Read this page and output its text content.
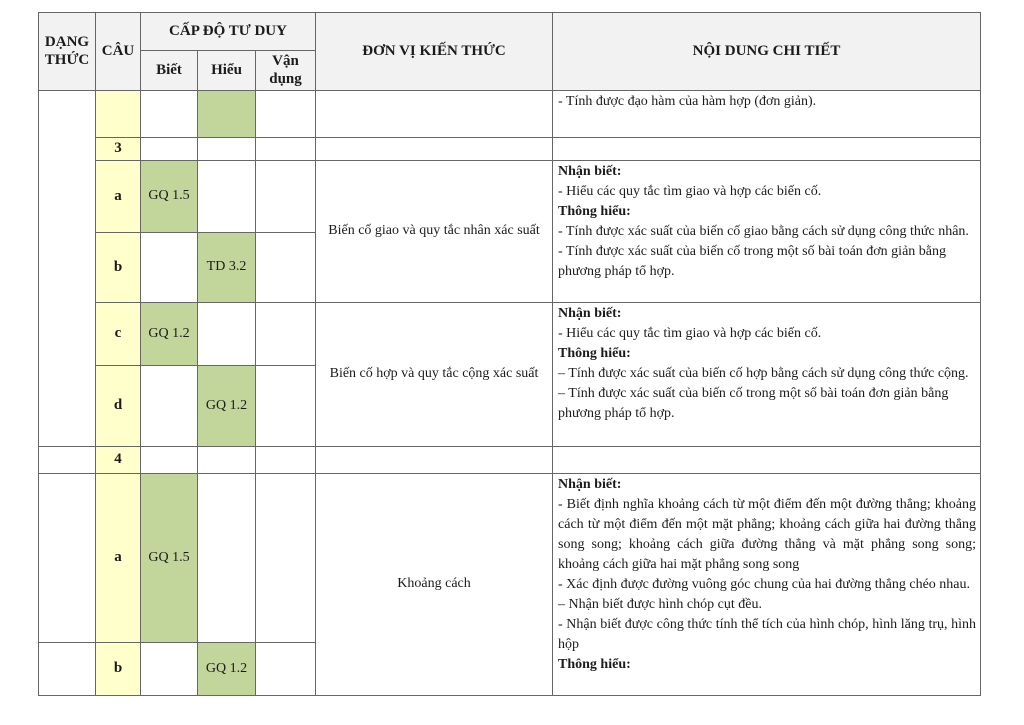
DẠNG THỨC	CÂU	CẤP ĐỘ TƯ DUY			ĐƠN VỊ KIẾN THỨC	NỘI DUNG CHI TIẾT
		Biết	Hiểu	Vận dụng		

						- Tính được đạo hàm của hàm hợp (đơn giản).

	3					
	a	GQ 1.5			Biến cố giao và quy tắc nhân xác suất	Nhận biết:

- Hiểu các quy tắc tìm giao và hợp các biến cố.

Thông hiểu:

- Tính được xác suất của biến cố giao bằng cách sử dụng công thức nhân.

- Tính được xác suất của biến cố trong một số bài toán đơn giản bằng phương pháp tổ hợp.

	b		TD 3.2			
	c	GQ 1.2			Biến cố hợp và quy tắc cộng xác suất	Nhận biết:

- Hiểu các quy tắc tìm giao và hợp các biến cố.

Thông hiểu:

– Tính được xác suất của biến cố hợp bằng cách sử dụng công thức cộng.

– Tính được xác suất của biến cố trong một số bài toán đơn giản bằng phương pháp tổ hợp.

	d		GQ 1.2			
	4					
	a	GQ 1.5			Khoảng cách	

Nhận biết:

- Biết định nghĩa khoảng cách từ một điểm đến một đường thẳng; khoảng cách từ một điểm đến một mặt phẳng; khoảng cách giữa hai đường thẳng song song; khoảng cách giữa đường thẳng và mặt phẳng song song; khoảng cách giữa hai mặt phẳng song song

- Xác định được đường vuông góc chung của hai đường thẳng chéo nhau.

– Nhận biết được hình chóp cụt đều.

- Nhận biết được công thức tính thể tích của hình chóp, hình lăng trụ, hình hộp

Thông hiểu:

	b		GQ 1.2			
